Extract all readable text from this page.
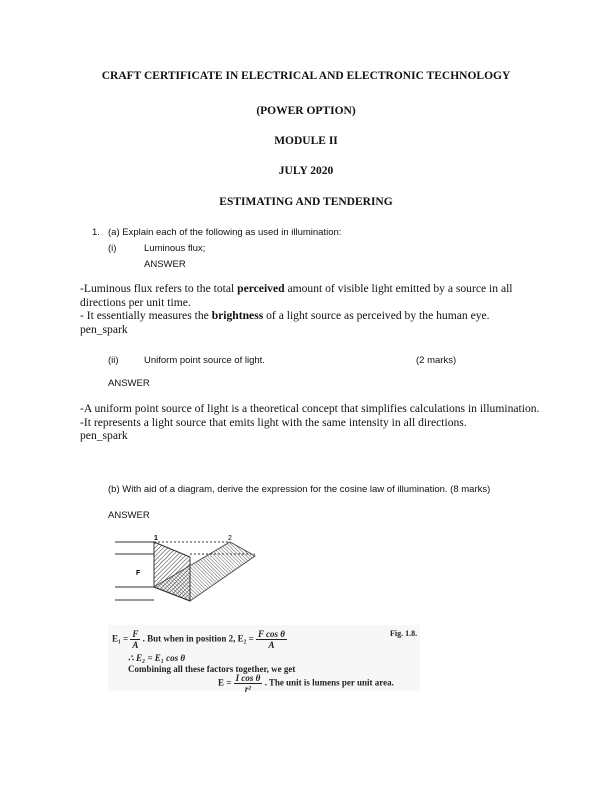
CRAFT CERTIFICATE IN ELECTRICAL AND ELECTRONIC TECHNOLOGY
(POWER OPTION)
MODULE II
JULY 2020
ESTIMATING AND TENDERING
1. (a) Explain each of the following as used in illumination:
(i)	Luminous flux;
ANSWER
-Luminous flux refers to the total perceived amount of visible light emitted by a source in all directions per unit time.
- It essentially measures the brightness of a light source as perceived by the human eye.
pen_spark
(ii)	Uniform point source of light.	(2 marks)
ANSWER
-A uniform point source of light is a theoretical concept that simplifies calculations in illumination.
-It represents a light source that emits light with the same intensity in all directions.
pen_spark
(b) With aid of a diagram, derive the expression for the cosine law of illumination. (8 marks)
ANSWER
1	2
F
$E_1 = \frac{F}{A}$ . But when in position 2, $E_2 = \frac{\text{F cos θ}}{A}$	Fig. 1.8.
∴ E₂ = E₁ cos θ
Combining all these factors together, we get
$E = \frac{\text{I cos θ}}{\text{r²}}$ . The unit is lumens per unit area.
